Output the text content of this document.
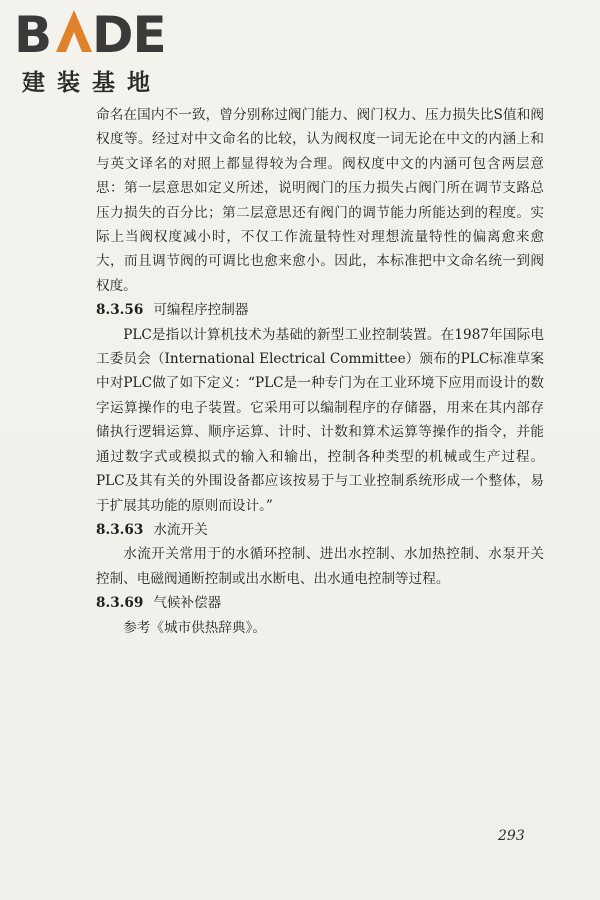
B DE
建装基地

命名在国内不一致，曾分别称过阀门能力、阀门权力、压力损失比S值和阀权度等。经过对中文命名的比较，认为阀权度一词无论在中文的内涵上和与英文译名的对照上都显得较为合理。阀权度中文的内涵可包含两层意思：第一层意思如定义所述，说明阀门的压力损失占阀门所在调节支路总压力损失的百分比；第二层意思还有阀门的调节能力所能达到的程度。实际上当阀权度减小时，不仅工作流量特性对理想流量特性的偏离愈来愈大，而且调节阀的可调比也愈来愈小。因此，本标准把中文命名统一到阀权度。

8.3.56 可编程序控制器

PLC是指以计算机技术为基础的新型工业控制装置。在1987年国际电工委员会（International Electrical Committee）颁布的PLC标准草案中对PLC做了如下定义：“PLC是一种专门为在工业环境下应用而设计的数字运算操作的电子装置。它采用可以编制程序的存储器，用来在其内部存储执行逻辑运算、顺序运算、计时、计数和算术运算等操作的指令，并能通过数字式或模拟式的输入和输出，控制各种类型的机械或生产过程。PLC及其有关的外围设备都应该按易于与工业控制系统形成一个整体，易于扩展其功能的原则而设计。”

8.3.63 水流开关

水流开关常用于的水循环控制、进出水控制、水加热控制、水泵开关控制、电磁阀通断控制或出水断电、出水通电控制等过程。

8.3.69 气候补偿器

参考《城市供热辞典》。

293
